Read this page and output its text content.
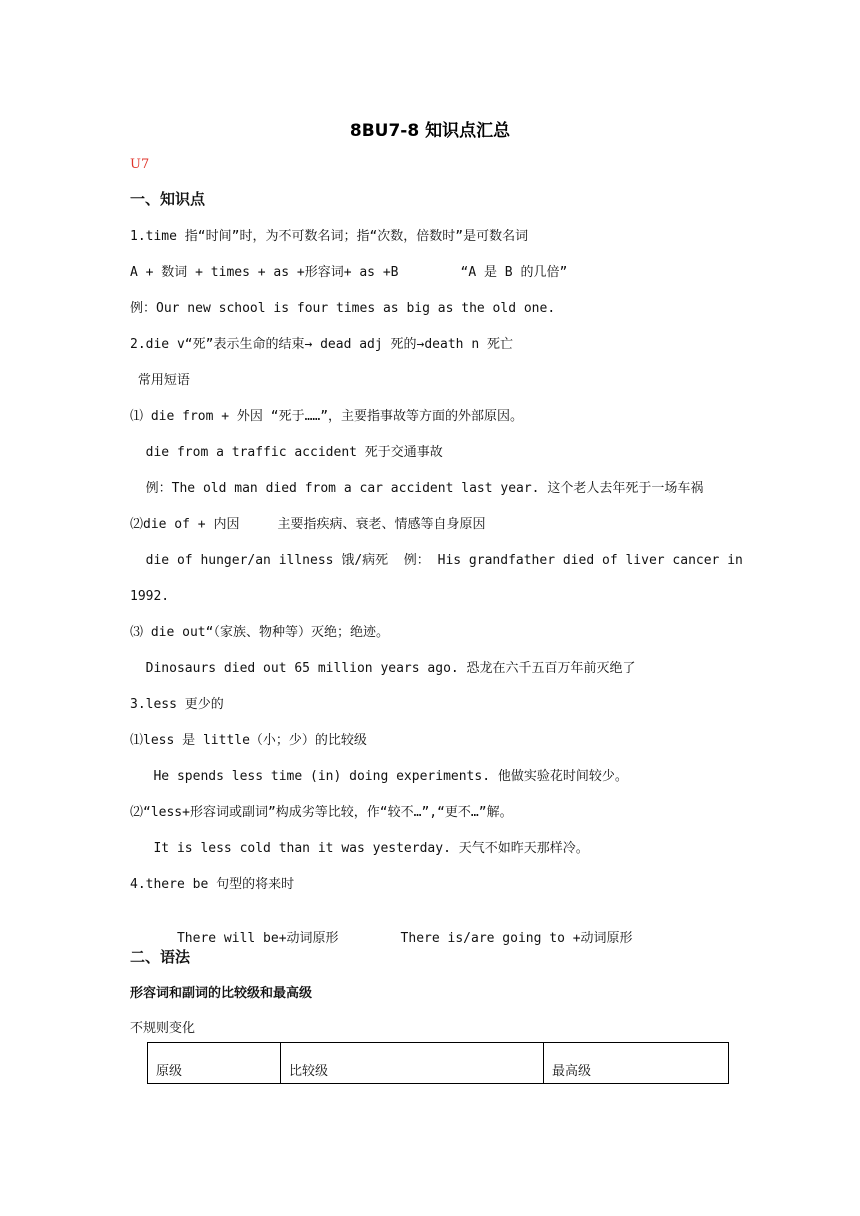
8BU7-8 知识点汇总
U7
一、知识点
1.time 指“时间”时，为不可数名词；指“次数，倍数时”是可数名词
A + 数词 + times + as +形容词+ as +B	“A 是 B 的几倍”
例：Our new school is four times as big as the old one.
2.die v“死”表示生命的结束→ dead adj 死的→death n 死亡
常用短语
⑴ die from + 外因 “死于……”，主要指事故等方面的外部原因。
die from a traffic accident 死于交通事故
例：The old man died from a car accident last year. 这个老人去年死于一场车祸
⑵die of + 内因	主要指疾病、衰老、情感等自身原因
die of hunger/an illness 饿/病死  例： His grandfather died of liver cancer in
1992.
⑶ die out“（家族、物种等）灭绝；绝迹。
Dinosaurs died out 65 million years ago. 恐龙在六千五百万年前灭绝了
3.less 更少的
⑴less 是 little（小；少）的比较级
He spends less time (in) doing experiments. 他做实验花时间较少。
⑵“less+形容词或副词”构成劣等比较，作“较不…”,“更不…”解。
It is less cold than it was yesterday. 天气不如昨天那样冷。
4.there be 句型的将来时

There will be+动词原形	There is/are going to +动词原形

二、语法
形容词和副词的比较级和最高级
不规则变化
原级	比较级	最高级
